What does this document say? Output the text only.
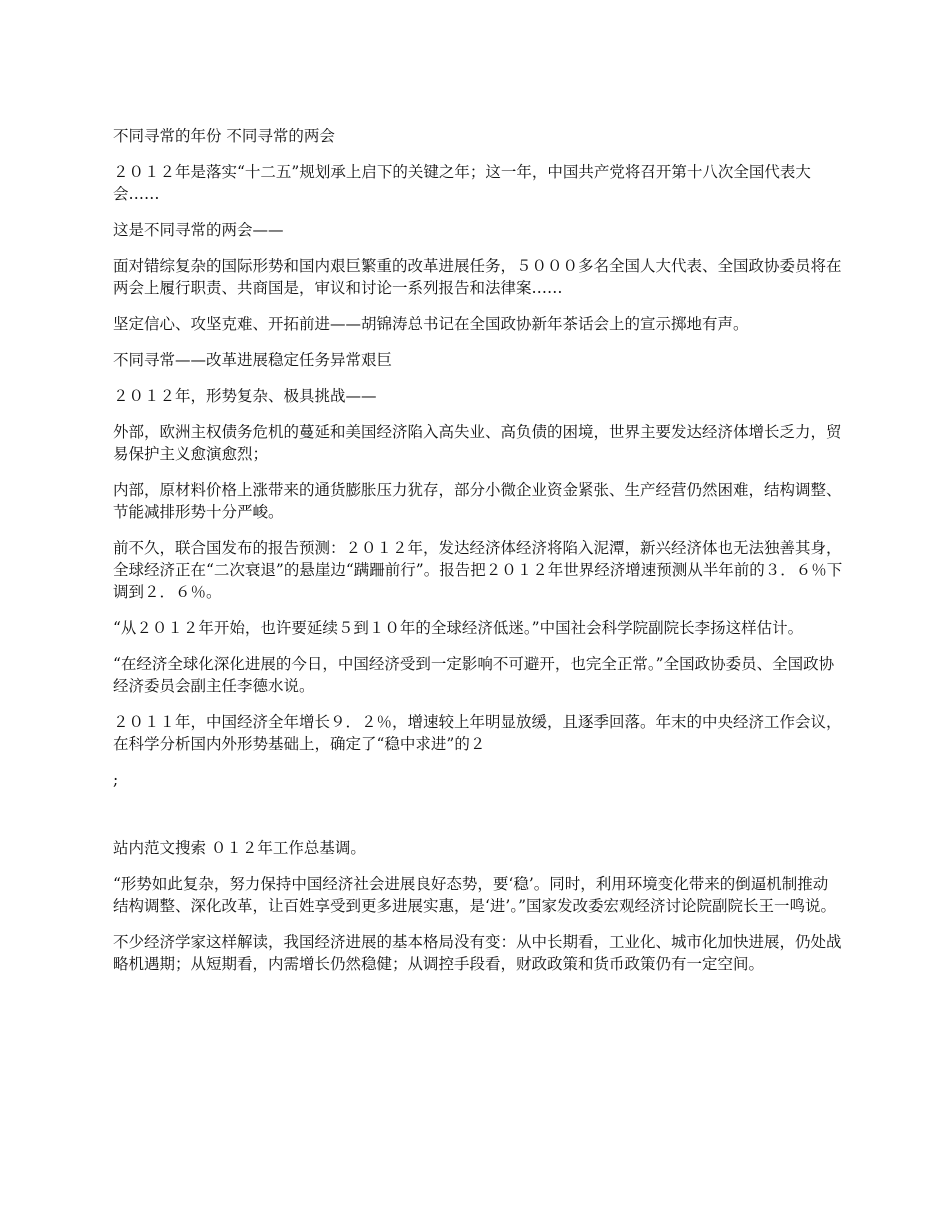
不同寻常的年份 不同寻常的两会

２０１２年是落实“十二五”规划承上启下的关键之年；这一年，中国共产党将召开第十八次全国代表大会……

这是不同寻常的两会——

面对错综复杂的国际形势和国内艰巨繁重的改革进展任务，５０００多名全国人大代表、全国政协委员将在两会上履行职责、共商国是，审议和讨论一系列报告和法律案……

坚定信心、攻坚克难、开拓前进——胡锦涛总书记在全国政协新年茶话会上的宣示掷地有声。

不同寻常——改革进展稳定任务异常艰巨

２０１２年，形势复杂、极具挑战——

外部，欧洲主权债务危机的蔓延和美国经济陷入高失业、高负债的困境，世界主要发达经济体增长乏力，贸易保护主义愈演愈烈；

内部，原材料价格上涨带来的通货膨胀压力犹存，部分小微企业资金紧张、生产经营仍然困难，结构调整、节能减排形势十分严峻。

前不久，联合国发布的报告预测：２０１２年，发达经济体经济将陷入泥潭，新兴经济体也无法独善其身，全球经济正在“二次衰退”的悬崖边“蹒跚前行”。报告把２０１２年世界经济增速预测从半年前的３．６％下调到２．６％。

“从２０１２年开始，也许要延续５到１０年的全球经济低迷。”中国社会科学院副院长李扬这样估计。

“在经济全球化深化进展的今日，中国经济受到一定影响不可避开，也完全正常。”全国政协委员、全国政协经济委员会副主任李德水说。

２０１１年，中国经济全年增长９．２％，增速较上年明显放缓，且逐季回落。年末的中央经济工作会议，在科学分析国内外形势基础上，确定了“稳中求进”的２

;

站内范文搜索 ０１２年工作总基调。

“形势如此复杂，努力保持中国经济社会进展良好态势，要‘稳’。同时，利用环境变化带来的倒逼机制推动结构调整、深化改革，让百姓享受到更多进展实惠，是‘进’。”国家发改委宏观经济讨论院副院长王一鸣说。

不少经济学家这样解读，我国经济进展的基本格局没有变：从中长期看，工业化、城市化加快进展，仍处战略机遇期；从短期看，内需增长仍然稳健；从调控手段看，财政政策和货币政策仍有一定空间。
